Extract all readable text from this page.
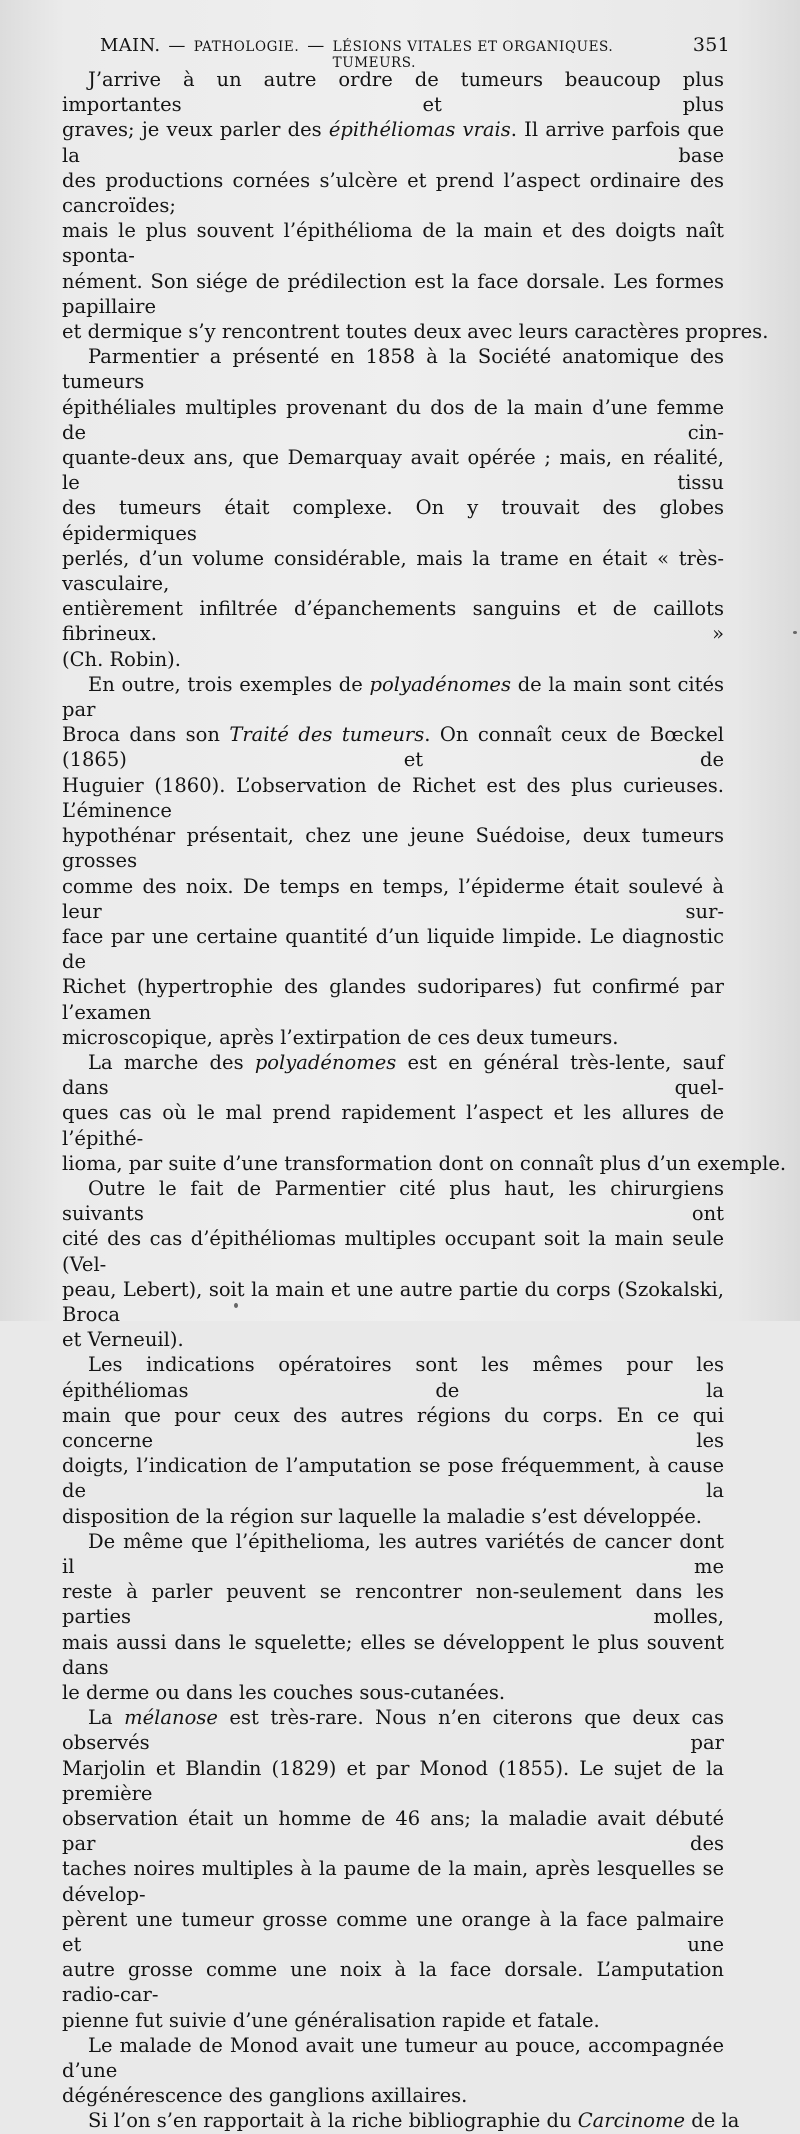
MAIN. — PATHOLOGIE. — LÉSIONS VITALES ET ORGANIQUES. TUMEURS.
351

J’arrive à un autre ordre de tumeurs beaucoup plus importantes et plus
graves; je veux parler des épithéliomas vrais. Il arrive parfois que la base
des productions cornées s’ulcère et prend l’aspect ordinaire des cancroïdes;
mais le plus souvent l’épithélioma de la main et des doigts naît sponta-
nément. Son siége de prédilection est la face dorsale. Les formes papillaire
et dermique s’y rencontrent toutes deux avec leurs caractères propres.

Parmentier a présenté en 1858 à la Société anatomique des tumeurs
épithéliales multiples provenant du dos de la main d’une femme de cin-
quante-deux ans, que Demarquay avait opérée ; mais, en réalité, le tissu
des tumeurs était complexe. On y trouvait des globes épidermiques
perlés, d’un volume considérable, mais la trame en était « très-vasculaire,
entièrement infiltrée d’épanchements sanguins et de caillots fibrineux. »
(Ch. Robin).

En outre, trois exemples de polyadénomes de la main sont cités par
Broca dans son Traité des tumeurs. On connaît ceux de Bœckel (1865) et de
Huguier (1860). L’observation de Richet est des plus curieuses. L’éminence
hypothénar présentait, chez une jeune Suédoise, deux tumeurs grosses
comme des noix. De temps en temps, l’épiderme était soulevé à leur sur-
face par une certaine quantité d’un liquide limpide. Le diagnostic de
Richet (hypertrophie des glandes sudoripares) fut confirmé par l’examen
microscopique, après l’extirpation de ces deux tumeurs.

La marche des polyadénomes est en général très-lente, sauf dans quel-
ques cas où le mal prend rapidement l’aspect et les allures de l’épithé-
lioma, par suite d’une transformation dont on connaît plus d’un exemple.

Outre le fait de Parmentier cité plus haut, les chirurgiens suivants ont
cité des cas d’épithéliomas multiples occupant soit la main seule (Vel-
peau, Lebert), soit la main et une autre partie du corps (Szokalski, Broca
et Verneuil).

Les indications opératoires sont les mêmes pour les épithéliomas de la
main que pour ceux des autres régions du corps. En ce qui concerne les
doigts, l’indication de l’amputation se pose fréquemment, à cause de la
disposition de la région sur laquelle la maladie s’est développée.

De même que l’épithelioma, les autres variétés de cancer dont il me
reste à parler peuvent se rencontrer non-seulement dans les parties molles,
mais aussi dans le squelette; elles se développent le plus souvent dans
le derme ou dans les couches sous-cutanées.

La mélanose est très-rare. Nous n’en citerons que deux cas observés par
Marjolin et Blandin (1829) et par Monod (1855). Le sujet de la première
observation était un homme de 46 ans; la maladie avait débuté par des
taches noires multiples à la paume de la main, après lesquelles se dévelop-
pèrent une tumeur grosse comme une orange à la face palmaire et une
autre grosse comme une noix à la face dorsale. L’amputation radio-car-
pienne fut suivie d’une généralisation rapide et fatale.

Le malade de Monod avait une tumeur au pouce, accompagnée d’une
dégénérescence des ganglions axillaires.

Si l’on s’en rapportait à la riche bibliographie du Carcinome de la
